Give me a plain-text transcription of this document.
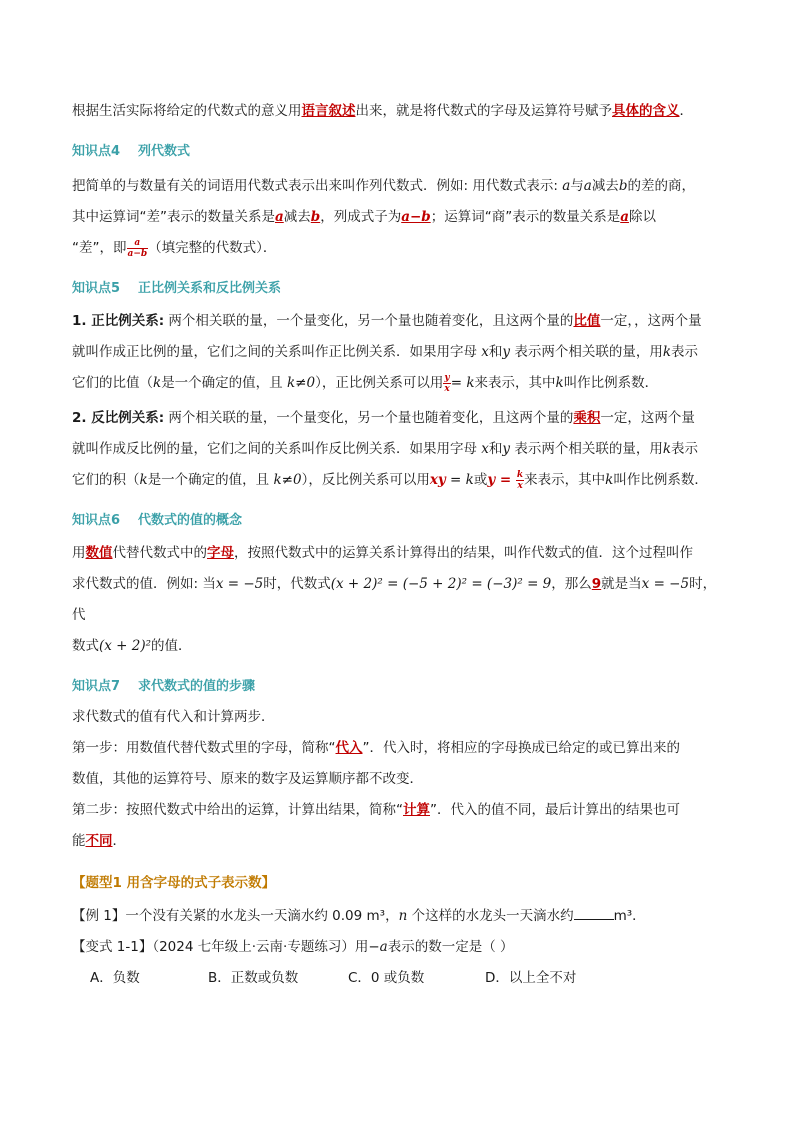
根据生活实际将给定的代数式的意义用语言叙述出来，就是将代数式的字母及运算符号赋予具体的含义．

知识点4 列代数式

把简单的与数量有关的词语用代数式表示出来叫作列代数式．例如: 用代数式表示: a与a减去b的差的商，
其中运算词“差”表示的数量关系是a减去b，列成式子为a−b；运算词“商”表示的数量关系是a除以
“差”，即 $\frac{a}{a-b}$ （填完整的代数式）．

知识点5 正比例关系和反比例关系

1. 正比例关系: 两个相关联的量，一个量变化，另一个量也随着变化，且这两个量的比值一定，，这两个量
就叫作成正比例的量，它们之间的关系叫作正比例关系．如果用字母 x和y 表示两个相关联的量，用k表示
它们的比值（k是一个确定的值，且 k≠0），正比例关系可以用 $\frac{y}{x} = k$来表示，其中k叫作比例系数．

2. 反比例关系: 两个相关联的量，一个量变化，另一个量也随着变化，且这两个量的乘积一定，这两个量
就叫作成反比例的量，它们之间的关系叫作反比例关系．如果用字母 x和y 表示两个相关联的量，用k表示
它们的积（k是一个确定的值，且 k≠0），反比例关系可以用xy = k或$y = \frac{k}{x}$ 来表示，其中k叫作比例系数．

知识点6 代数式的值的概念

用数值代替代数式中的字母，按照代数式中的运算关系计算得出的结果，叫作代数式的值．这个过程叫作
求代数式的值．例如: 当x = −5时，代数式(x + 2)² = (−5 + 2)² = (−3)² = 9，那么9就是当x = −5时，代
数式(x + 2)²的值．

知识点7 求代数式的值的步骤

求代数式的值有代入和计算两步．
第一步：用数值代替代数式里的字母，简称“代入”．代入时，将相应的字母换成已给定的或已算出来的
数值，其他的运算符号、原来的数字及运算顺序都不改变．
第二步：按照代数式中给出的运算，计算出结果，简称“计算”．代入的值不同，最后计算出的结果也可
能不同．

【题型1 用含字母的式子表示数】

【例 1】一个没有关紧的水龙头一天滴水约 0.09 m³，n 个这样的水龙头一天滴水约	m³．

【变式 1-1】（2024 七年级上·云南·专题练习）用−a表示的数一定是（ ）

A．负数	B．正数或负数	C．0 或负数	D．以上全不对
